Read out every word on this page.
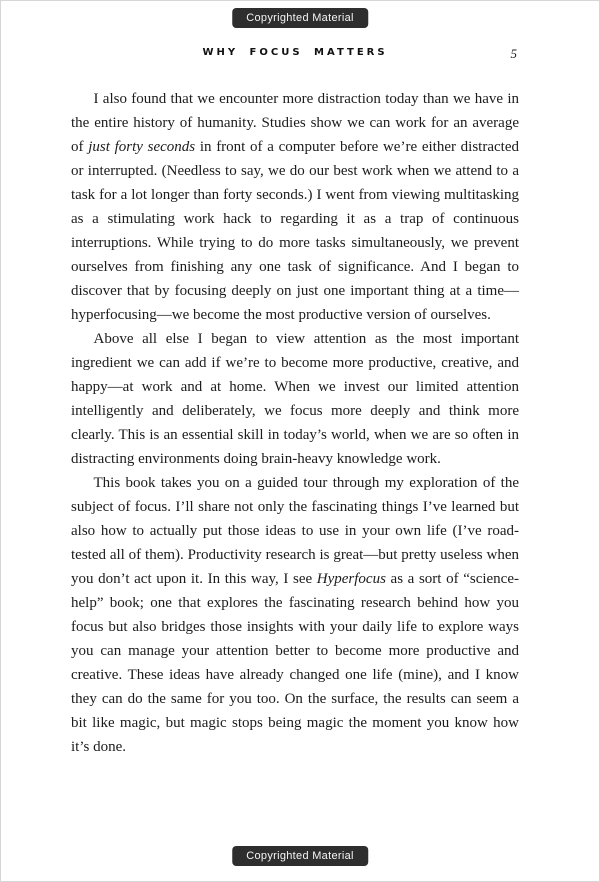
Copyrighted Material
WHY FOCUS MATTERS	5

I also found that we encounter more distraction today than we have in the entire history of humanity. Studies show we can work for an average of just forty seconds in front of a computer before we’re either distracted or interrupted. (Needless to say, we do our best work when we attend to a task for a lot longer than forty seconds.) I went from viewing multitasking as a stimulating work hack to regarding it as a trap of continuous interruptions. While trying to do more tasks simultaneously, we prevent ourselves from finishing any one task of significance. And I began to discover that by focusing deeply on just one important thing at a time—hyperfocusing—we become the most productive version of ourselves.

Above all else I began to view attention as the most important ingredient we can add if we’re to become more productive, creative, and happy—at work and at home. When we invest our limited attention intelligently and deliberately, we focus more deeply and think more clearly. This is an essential skill in today’s world, when we are so often in distracting environments doing brain-heavy knowledge work.

This book takes you on a guided tour through my exploration of the subject of focus. I’ll share not only the fascinating things I’ve learned but also how to actually put those ideas to use in your own life (I’ve road-tested all of them). Productivity research is great—but pretty useless when you don’t act upon it. In this way, I see Hyperfocus as a sort of “science-help” book; one that explores the fascinating research behind how you focus but also bridges those insights with your daily life to explore ways you can manage your attention better to become more productive and creative. These ideas have already changed one life (mine), and I know they can do the same for you too. On the surface, the results can seem a bit like magic, but magic stops being magic the moment you know how it’s done.

Copyrighted Material
